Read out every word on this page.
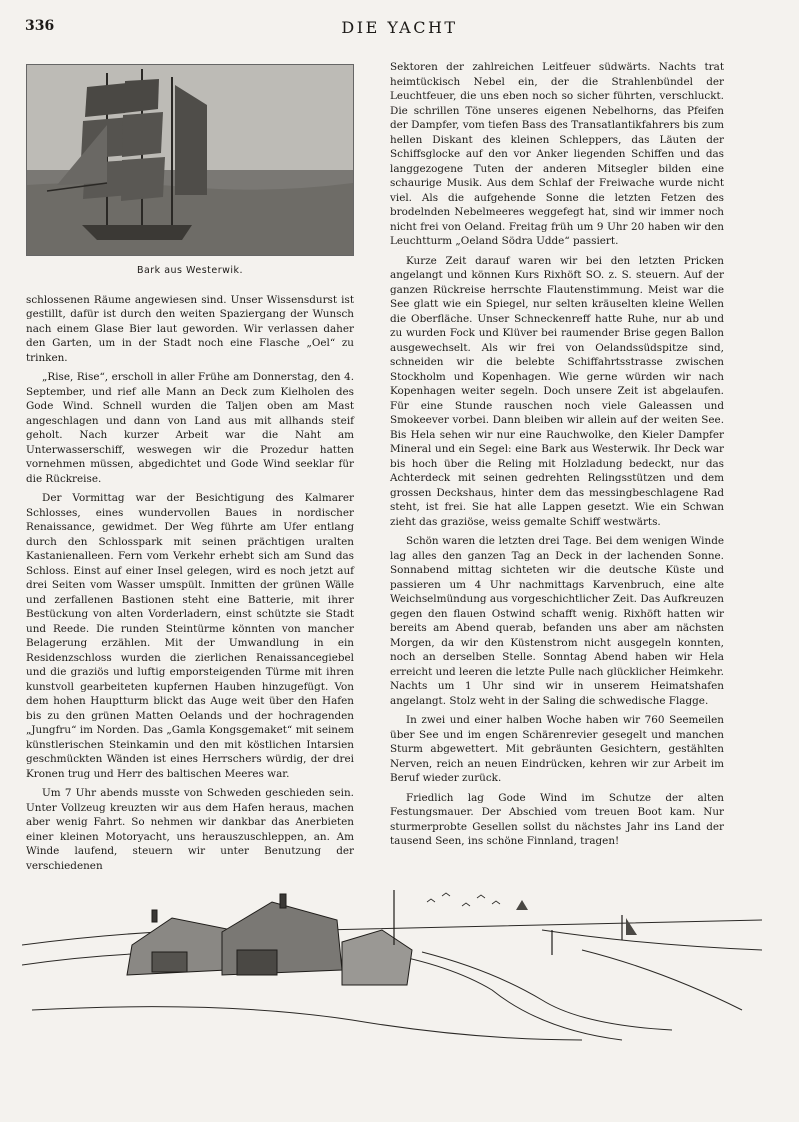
336	DIE YACHT
Bark aus Westerwik.

schlossenen Räume angewiesen sind. Unser Wissensdurst ist gestillt, dafür ist durch den weiten Spaziergang der Wunsch nach einem Glase Bier laut geworden. Wir verlassen daher den Garten, um in der Stadt noch eine Flasche „Oel“ zu trinken.

„Rise, Rise“, erscholl in aller Frühe am Donnerstag, den 4. September, und rief alle Mann an Deck zum Kielholen des Gode Wind. Schnell wurden die Taljen oben am Mast angeschlagen und dann von Land aus mit allhands steif geholt. Nach kurzer Arbeit war die Naht am Unterwasserschiff, weswegen wir die Prozedur hatten vornehmen müssen, abgedichtet und Gode Wind seeklar für die Rückreise.

Der Vormittag war der Besichtigung des Kalmarer Schlosses, eines wundervollen Baues in nordischer Renaissance, gewidmet. Der Weg führte am Ufer entlang durch den Schlosspark mit seinen prächtigen uralten Kastanienalleen. Fern vom Verkehr erhebt sich am Sund das Schloss. Einst auf einer Insel gelegen, wird es noch jetzt auf drei Seiten vom Wasser umspült. Inmitten der grünen Wälle und zerfallenen Bastionen steht eine Batterie, mit ihrer Bestückung von alten Vorderladern, einst schützte sie Stadt und Reede. Die runden Steintürme könnten von mancher Belagerung erzählen. Mit der Umwandlung in ein Residenzschloss wurden die zierlichen Renaissancegiebel und die graziös und luftig emporsteigenden Türme mit ihren kunstvoll gearbeiteten kupfernen Hauben hinzugefügt. Von dem hohen Hauptturm blickt das Auge weit über den Hafen bis zu den grünen Matten Oelands und der hochragenden „Jungfru“ im Norden. Das „Gamla Kongsgemaket“ mit seinem künstlerischen Steinkamin und den mit köstlichen Intarsien geschmückten Wänden ist eines Herrschers würdig, der drei Kronen trug und Herr des baltischen Meeres war.

Um 7 Uhr abends musste von Schweden geschieden sein. Unter Vollzeug kreuzten wir aus dem Hafen heraus, machen aber wenig Fahrt. So nehmen wir dankbar das Anerbieten einer kleinen Motoryacht, uns herauszuschleppen, an. Am Winde laufend, steuern wir unter Benutzung der verschiedenen

Sektoren der zahlreichen Leitfeuer südwärts. Nachts trat heimtückisch Nebel ein, der die Strahlenbündel der Leuchtfeuer, die uns eben noch so sicher führten, verschluckt. Die schrillen Töne unseres eigenen Nebelhorns, das Pfeifen der Dampfer, vom tiefen Bass des Transatlantikfahrers bis zum hellen Diskant des kleinen Schleppers, das Läuten der Schiffsglocke auf den vor Anker liegenden Schiffen und das langgezogene Tuten der anderen Mitsegler bilden eine schaurige Musik. Aus dem Schlaf der Freiwache wurde nicht viel. Als die aufgehende Sonne die letzten Fetzen des brodelnden Nebelmeeres weggefegt hat, sind wir immer noch nicht frei von Oeland. Freitag früh um 9 Uhr 20 haben wir den Leuchtturm „Oeland Södra Udde“ passiert.

Kurze Zeit darauf waren wir bei den letzten Pricken angelangt und können Kurs Rixhöft SO. z. S. steuern. Auf der ganzen Rückreise herrschte Flautenstimmung. Meist war die See glatt wie ein Spiegel, nur selten kräuselten kleine Wellen die Oberfläche. Unser Schneckenreff hatte Ruhe, nur ab und zu wurden Fock und Klüver bei raumender Brise gegen Ballon ausgewechselt. Als wir frei von Oelandssüdspitze sind, schneiden wir die belebte Schiffahrtsstrasse zwischen Stockholm und Kopenhagen. Wie gerne würden wir nach Kopenhagen weiter segeln. Doch unsere Zeit ist abgelaufen. Für eine Stunde rauschen noch viele Galeassen und Smokeever vorbei. Dann bleiben wir allein auf der weiten See. Bis Hela sehen wir nur eine Rauchwolke, den Kieler Dampfer Mineral und ein Segel: eine Bark aus Westerwik. Ihr Deck war bis hoch über die Reling mit Holzladung bedeckt, nur das Achterdeck mit seinen gedrehten Relingsstützen und dem grossen Deckshaus, hinter dem das messingbeschlagene Rad steht, ist frei. Sie hat alle Lappen gesetzt. Wie ein Schwan zieht das graziöse, weiss gemalte Schiff westwärts.

Schön waren die letzten drei Tage. Bei dem wenigen Winde lag alles den ganzen Tag an Deck in der lachenden Sonne. Sonnabend mittag sichteten wir die deutsche Küste und passieren um 4 Uhr nachmittags Karvenbruch, eine alte Weichselmündung aus vorgeschichtlicher Zeit. Das Aufkreuzen gegen den flauen Ostwind schafft wenig. Rixhöft hatten wir bereits am Abend querab, befanden uns aber am nächsten Morgen, da wir den Küstenstrom nicht ausgegeln konnten, noch an derselben Stelle. Sonntag Abend haben wir Hela erreicht und leeren die letzte Pulle nach glücklicher Heimkehr. Nachts um 1 Uhr sind wir in unserem Heimatshafen angelangt. Stolz weht in der Saling die schwedische Flagge.

In zwei und einer halben Woche haben wir 760 Seemeilen über See und im engen Schärenrevier gesegelt und manchen Sturm abgewettert. Mit gebräunten Gesichtern, gestählten Nerven, reich an neuen Eindrücken, kehren wir zur Arbeit im Beruf wieder zurück.

Friedlich lag Gode Wind im Schutze der alten Festungsmauer. Der Abschied vom treuen Boot kam. Nur sturmerprobte Gesellen sollst du nächstes Jahr ins Land der tausend Seen, ins schöne Finnland, tragen!
